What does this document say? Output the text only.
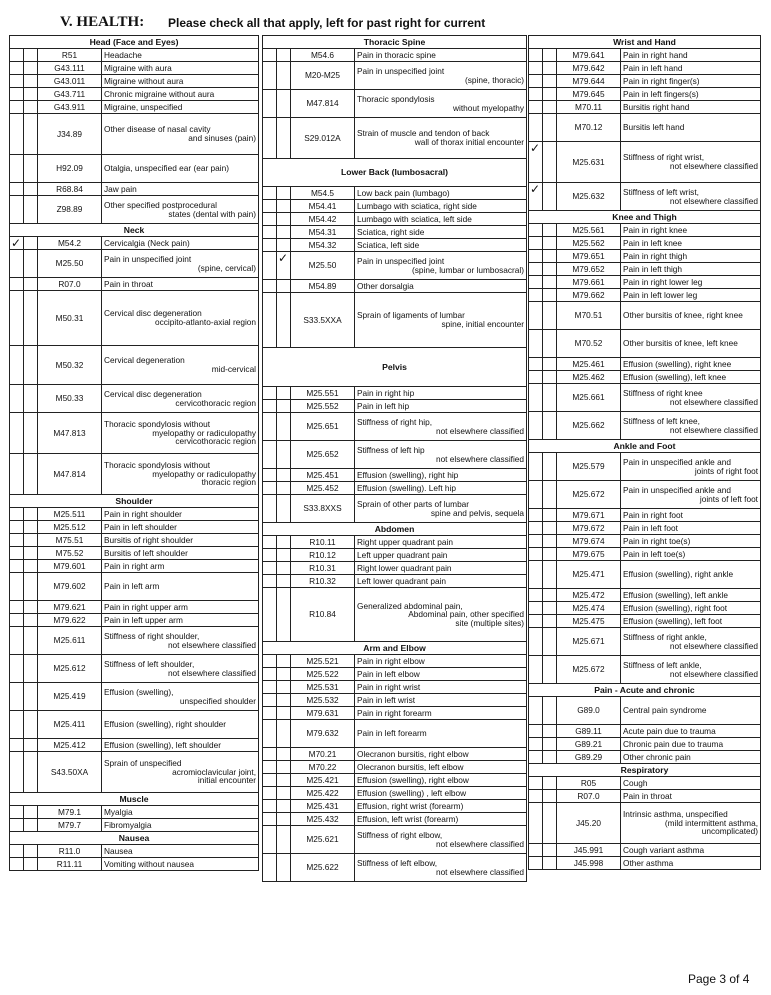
V. HEALTH: Please check all that apply, left for past right for current
Head (Face and Eyes)			
		R51	Headache

		G43.111	Migraine with aura

		G43.011	Migraine without aura

		G43.711	Chronic migraine without aura

		G43.911	Migraine, unspecified

		J34.89	Other disease of nasal cavity
and sinuses (pain)

		H92.09	Otalgia, unspecified ear (ear pain)

		R68.84	Jaw pain

		Z98.89	Other specified postprocedural
states (dental with pain)

Neck			

✓		M54.2	Cervicalgia (Neck pain)

		M25.50	Pain in unspecified joint
(spine, cervical)

		R07.0	Pain in throat

		M50.31	Cervical disc degeneration
occipito-atlanto-axial region

		M50.32	Cervical degeneration
mid-cervical

		M50.33	Cervical disc degeneration
cervicothoracic region

		M47.813	Thoracic spondylosis without
myelopathy or radiculopathy
cervicothoracic region

		M47.814	Thoracic spondylosis without
myelopathy or radiculopathy
thoracic region

Shoulder			
		M25.511	Pain in right shoulder

		M25.512	Pain in left shoulder

		M75.51	Bursitis of right shoulder

		M75.52	Bursitis of left shoulder

		M79.601	Pain in right arm

		M79.602	Pain in left arm

		M79.621	Pain in right upper arm

		M79.622	Pain in left upper arm

		M25.611	Stiffness of right shoulder,
not elsewhere classified

		M25.612	Stiffness of left shoulder,
not elsewhere classified

		M25.419	Effusion (swelling),
unspecified shoulder

		M25.411	Effusion (swelling), right shoulder

		M25.412	Effusion (swelling), left shoulder

		S43.50XA	Sprain of unspecified
acromioclavicular joint,
initial encounter

Muscle			
		M79.1	Myalgia

		M79.7	Fibromyalgia

Nausea			
		R11.0	Nausea

		R11.11	Vomiting without nausea
Thoracic Spine			
		M54.6	Pain in thoracic spine

		M20-M25	Pain in unspecified joint
(spine, thoracic)

		M47.814	Thoracic spondylosis
without myelopathy

		S29.012A	Strain of muscle and tendon of back
wall of thorax initial encounter

Lower Back (lumbosacral)			
		M54.5	Low back pain (lumbago)

		M54.41	Lumbago with sciatica, right side

		M54.42	Lumbago with sciatica, left side

		M54.31	Sciatica, right side

		M54.32	Sciatica, left side

	✓	M25.50	Pain in unspecified joint
(spine, lumbar or lumbosacral)

		M54.89	Other dorsalgia

		S33.5XXA	Sprain of ligaments of lumbar
spine, initial encounter

Pelvis			
		M25.551	Pain in right hip

		M25.552	Pain in left hip

		M25.651	Stiffness of right hip,
not elsewhere classified

		M25.652	Stiffness of left hip
not elsewhere classified

		M25.451	Effusion (swelling), right hip

		M25.452	Effusion (swelling). Left hip

		S33.8XXS	Sprain of other parts of lumbar
spine and pelvis, sequela

Abdomen			
		R10.11	Right upper quadrant pain

		R10.12	Left upper quadrant pain

		R10.31	Right lower quadrant pain

		R10.32	Left lower quadrant pain

		R10.84	Generalized abdominal pain,
Abdominal pain, other specified
site (multiple sites)

Arm and Elbow			
		M25.521	Pain in right elbow

		M25.522	Pain in left elbow

		M25.531	Pain in right wrist

		M25.532	Pain in left wrist

		M79.631	Pain in right forearm

		M79.632	Pain in left forearm

		M70.21	Olecranon bursitis, right elbow

		M70.22	Olecranon bursitis, left elbow

		M25.421	Effusion (swelling), right elbow

		M25.422	Effusion (swelling) , left elbow

		M25.431	Effusion, right wrist (forearm)

		M25.432	Effusion, left wrist (forearm)

		M25.621	Stiffness of right elbow,
not elsewhere classified

		M25.622	Stiffness of left elbow,
not elsewhere classified
Wrist and Hand			
		M79.641	Pain in right hand

		M79.642	Pain in left hand

		M79.644	Pain in right finger(s)

		M79.645	Pain in left fingers(s)

		M70.11	Bursitis right hand

		M70.12	Bursitis left hand

✓		M25.631	Stiffness of right wrist,
not elsewhere classified

✓		M25.632	Stiffness of left wrist,
not elsewhere classified

Knee and Thigh			
		M25.561	Pain in right knee

		M25.562	Pain in left knee

		M79.651	Pain in right thigh

		M79.652	Pain in left thigh

		M79.661	Pain in right lower leg

		M79.662	Pain in left lower leg

		M70.51	Other bursitis of knee, right knee

		M70.52	Other bursitis of knee, left knee

		M25.461	Effusion (swelling), right knee

		M25.462	Effusion (swelling), left knee

		M25.661	Stiffness of right knee
not elsewhere classified

		M25.662	Stiffness of left knee,
not elsewhere classified

Ankle and Foot			
		M25.579	Pain in unspecified ankle and
joints of right foot

		M25.672	Pain in unspecified ankle and
joints of left foot

		M79.671	Pain in right foot

		M79.672	Pain in left foot

		M79.674	Pain in right toe(s)

		M79.675	Pain in left toe(s)

		M25.471	Effusion (swelling), right ankle

		M25.472	Effusion (swelling), left ankle

		M25.474	Effusion (swelling), right foot

		M25.475	Effusion (swelling), left foot

		M25.671	Stiffness of right ankle,
not elsewhere classified

		M25.672	Stiffness of left ankle,
not elsewhere classified

Pain - Acute and chronic			
		G89.0	Central pain syndrome

		G89.11	Acute pain due to trauma

		G89.21	Chronic pain due to trauma

		G89.29	Other chronic pain

Respiratory			
		R05	Cough

		R07.0	Pain in throat

		J45.20	Intrinsic asthma, unspecified
(mild intermittent asthma,
uncomplicated)

		J45.991	Cough variant asthma

		J45.998	Other asthma
Page 3 of 4
